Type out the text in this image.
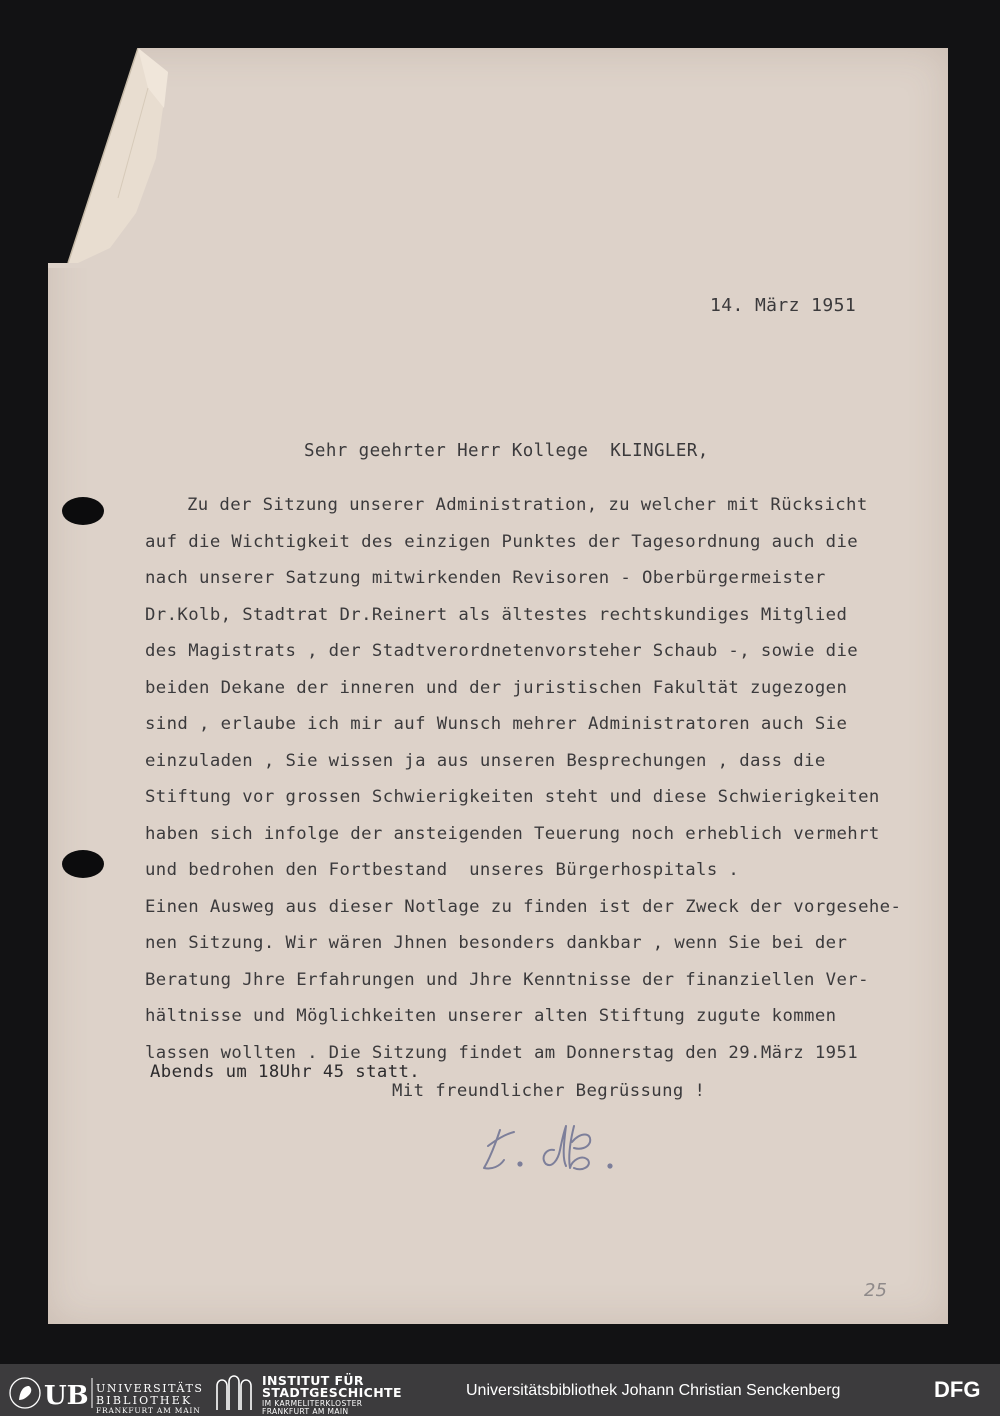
14. März 1951
Sehr geehrter Herr Kollege  KLINGLER,
Zu der Sitzung unserer Administration, zu welcher mit Rücksicht
auf die Wichtigkeit des einzigen Punktes der Tagesordnung auch die
nach unserer Satzung mitwirkenden Revisoren - Oberbürgermeister
Dr.Kolb, Stadtrat Dr.Reinert als ältestes rechtskundiges Mitglied
des Magistrats , der Stadtverordnetenvorsteher Schaub -, sowie die
beiden Dekane der inneren und der juristischen Fakultät zugezogen
sind , erlaube ich mir auf Wunsch mehrer Administratoren auch Sie
einzuladen , Sie wissen ja aus unseren Besprechungen , dass die
Stiftung vor grossen Schwierigkeiten steht und diese Schwierigkeiten
haben sich infolge der ansteigenden Teuerung noch erheblich vermehrt
und bedrohen den Fortbestand  unseres Bürgerhospitals .
Einen Ausweg aus dieser Notlage zu finden ist der Zweck der vorgesehe-
nen Sitzung. Wir wären Jhnen besonders dankbar , wenn Sie bei der
Beratung Jhre Erfahrungen und Jhre Kenntnisse der finanziellen Ver-
hältnisse und Möglichkeiten unserer alten Stiftung zugute kommen
lassen wollten . Die Sitzung findet am Donnerstag den 29.März 1951
Abends um 18Uhr 45 statt.
Mit freundlicher Begrüssung !
25
UB UNIVERSITÄTS
BIBLIOTHEK
FRANKFURT AM MAIN
INSTITUT FÜR
STADTGESCHICHTE
IM KARMELITERKLOSTER
FRANKFURT AM MAIN
Universitätsbibliothek Johann Christian Senckenberg	DFG
